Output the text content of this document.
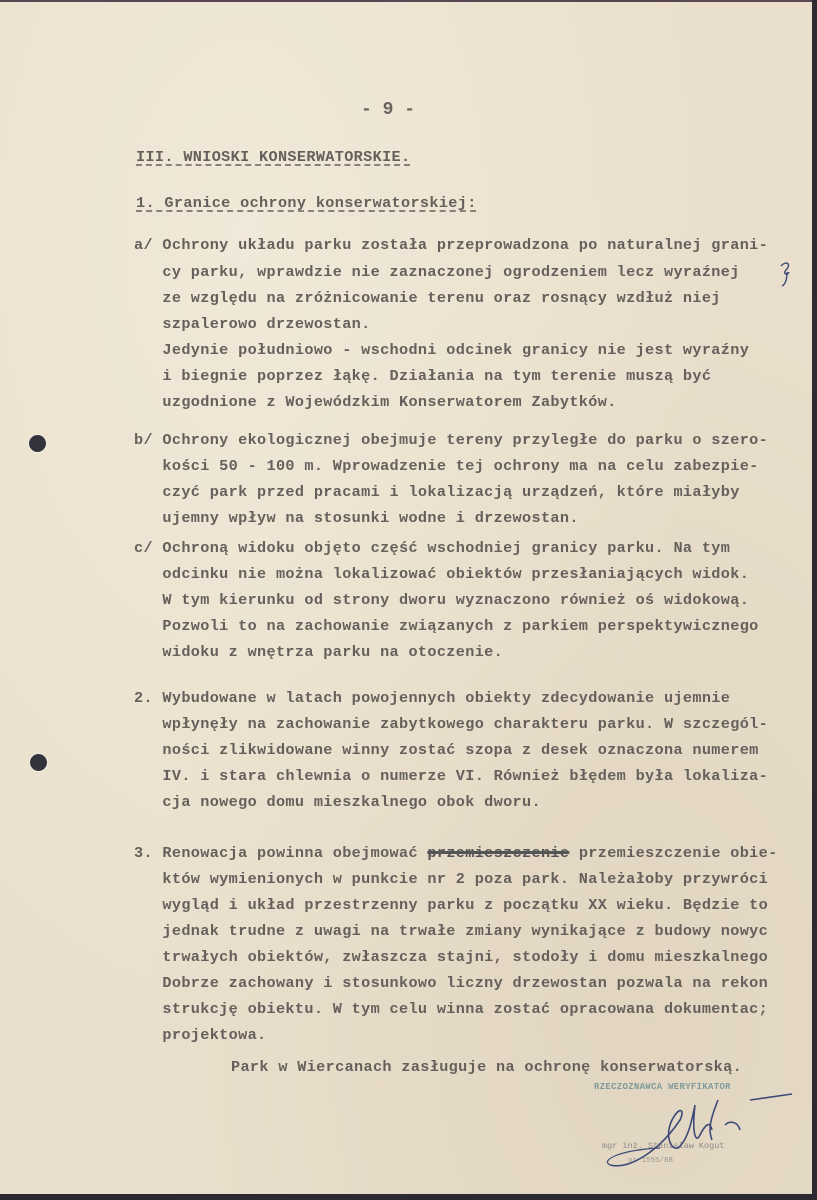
- 9 -
III. WNIOSKI KONSERWATORSKIE.
1. Granice ochrony konserwatorskiej:
a/ Ochrony układu parku została przeprowadzona po naturalnej grani-
cy parku, wprawdzie nie zaznaczonej ogrodzeniem lecz wyraźnej
ze względu na zróżnicowanie terenu oraz rosnący wzdłuż niej
szpalerowo drzewostan.
Jedynie południowo - wschodni odcinek granicy nie jest wyraźny
i biegnie poprzez łąkę. Działania na tym terenie muszą być
uzgodnione z Wojewódzkim Konserwatorem Zabytków.
b/ Ochrony ekologicznej obejmuje tereny przyległe do parku o szero-
kości 50 - 100 m. Wprowadzenie tej ochrony ma na celu zabezpie-
czyć park przed pracami i lokalizacją urządzeń, które miałyby
ujemny wpływ na stosunki wodne i drzewostan.
c/ Ochroną widoku objęto część wschodniej granicy parku. Na tym
odcinku nie można lokalizować obiektów przesłaniających widok.
W tym kierunku od strony dworu wyznaczono również oś widokową.
Pozwoli to na zachowanie związanych z parkiem perspektywicznego
widoku z wnętrza parku na otoczenie.
2. Wybudowane w latach powojennych obiekty zdecydowanie ujemnie
wpłynęły na zachowanie zabytkowego charakteru parku. W szczegól-
ności zlikwidowane winny zostać szopa z desek oznaczona numerem
IV. i stara chlewnia o numerze VI. Również błędem była lokaliza-
cja nowego domu mieszkalnego obok dworu.
3. Renowacja powinna obejmować przemieszczenie przemieszczenie obie-
któw wymienionych w punkcie nr 2 poza park. Należałoby przywróci
wygląd i układ przestrzenny parku z początku XX wieku. Będzie to
jednak trudne z uwagi na trwałe zmiany wynikające z budowy nowyc
trwałych obiektów, zwłaszcza stajni, stodoły i domu mieszkalnego
Dobrze zachowany i stosunkowo liczny drzewostan pozwala na rekon
strukcję obiektu. W tym celu winna zostać opracowana dokumentac;
projektowa.
Park w Wiercanach zasługuje na ochronę konserwatorską.
RZECZOZNAWCA WERYFIKATOR
mgr inż. Stanisław Kogut
nr 1555/88
